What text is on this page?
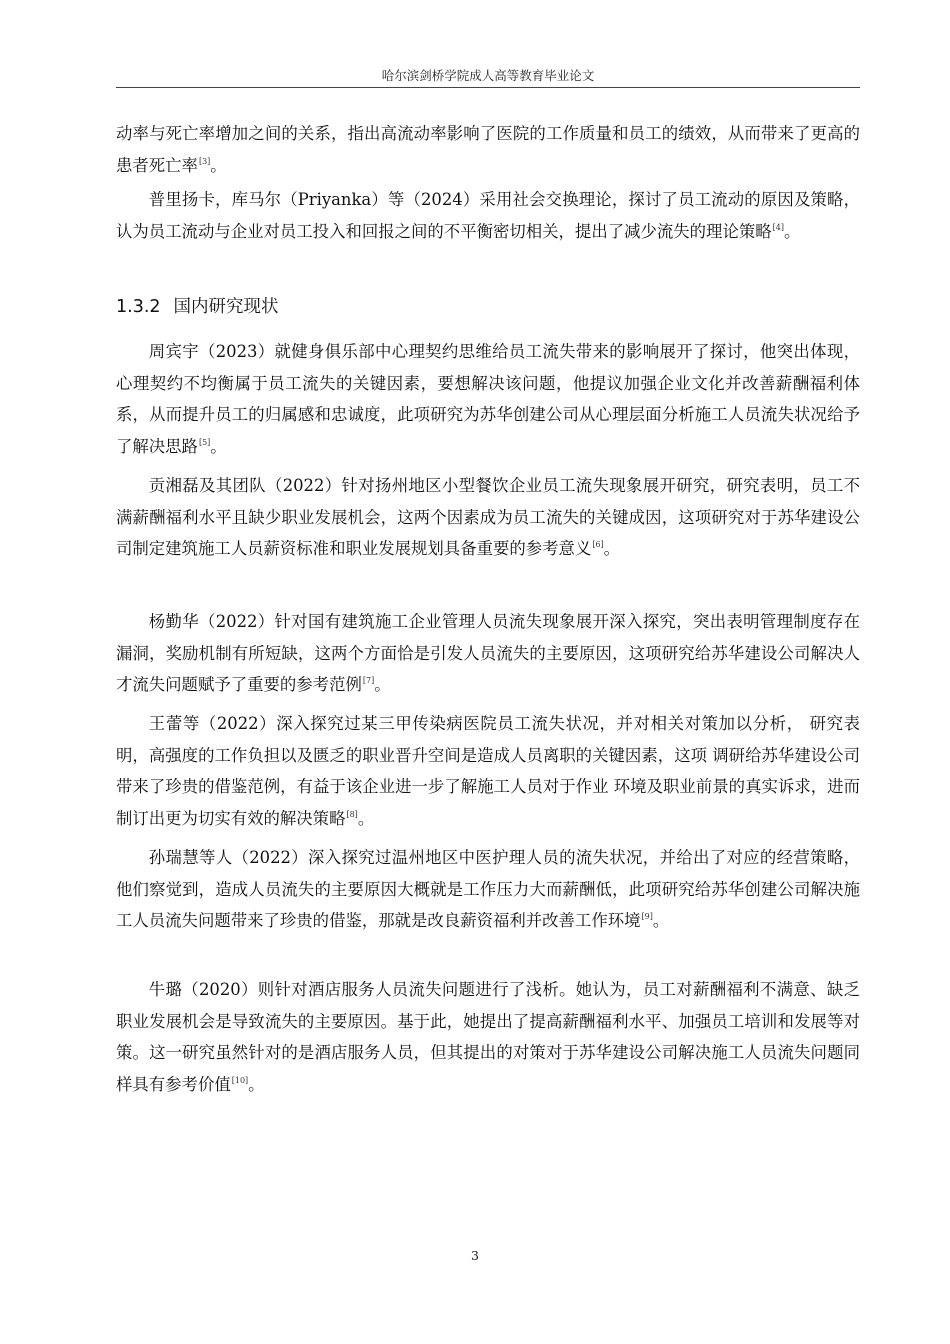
哈尔滨剑桥学院成人高等教育毕业论文

动率与死亡率增加之间的关系，指出高流动率影响了医院的工作质量和员工的绩效，从而带来了更高的患者死亡率[3]。

普里扬卡，库马尔（Priyanka）等（2024）采用社会交换理论，探讨了员工流动的原因及策略，认为员工流动与企业对员工投入和回报之间的不平衡密切相关，提出了减少流失的理论策略[4]。

1.3.2 国内研究现状

周宾宇（2023）就健身俱乐部中心理契约思维给员工流失带来的影响展开了探讨，他突出体现，心理契约不均衡属于员工流失的关键因素，要想解决该问题，他提议加强企业文化并改善薪酬福利体系，从而提升员工的归属感和忠诚度，此项研究为苏华创建公司从心理层面分析施工人员流失状况给予了解决思路[5]。

贡湘磊及其团队（2022）针对扬州地区小型餐饮企业员工流失现象展开研究，研究表明，员工不满薪酬福利水平且缺少职业发展机会，这两个因素成为员工流失的关键成因，这项研究对于苏华建设公司制定建筑施工人员薪资标准和职业发展规划具备重要的参考意义[6]。

杨勤华（2022）针对国有建筑施工企业管理人员流失现象展开深入探究，突出表明管理制度存在漏洞，奖励机制有所短缺，这两个方面恰是引发人员流失的主要原因，这项研究给苏华建设公司解决人才流失问题赋予了重要的参考范例[7]。

王蕾等（2022）深入探究过某三甲传染病医院员工流失状况，并对相关对策加以分析， 研究表明，高强度的工作负担以及匮乏的职业晋升空间是造成人员离职的关键因素，这项 调研给苏华建设公司带来了珍贵的借鉴范例，有益于该企业进一步了解施工人员对于作业 环境及职业前景的真实诉求，进而制订出更为切实有效的解决策略[8]。

孙瑞慧等人（2022）深入探究过温州地区中医护理人员的流失状况，并给出了对应的经营策略，他们察觉到，造成人员流失的主要原因大概就是工作压力大而薪酬低，此项研究给苏华创建公司解决施工人员流失问题带来了珍贵的借鉴，那就是改良薪资福利并改善工作环境[9]。

牛璐（2020）则针对酒店服务人员流失问题进行了浅析。她认为，员工对薪酬福利不满意、缺乏职业发展机会是导致流失的主要原因。基于此，她提出了提高薪酬福利水平、加强员工培训和发展等对策。这一研究虽然针对的是酒店服务人员，但其提出的对策对于苏华建设公司解决施工人员流失问题同样具有参考价值[10]。

3
